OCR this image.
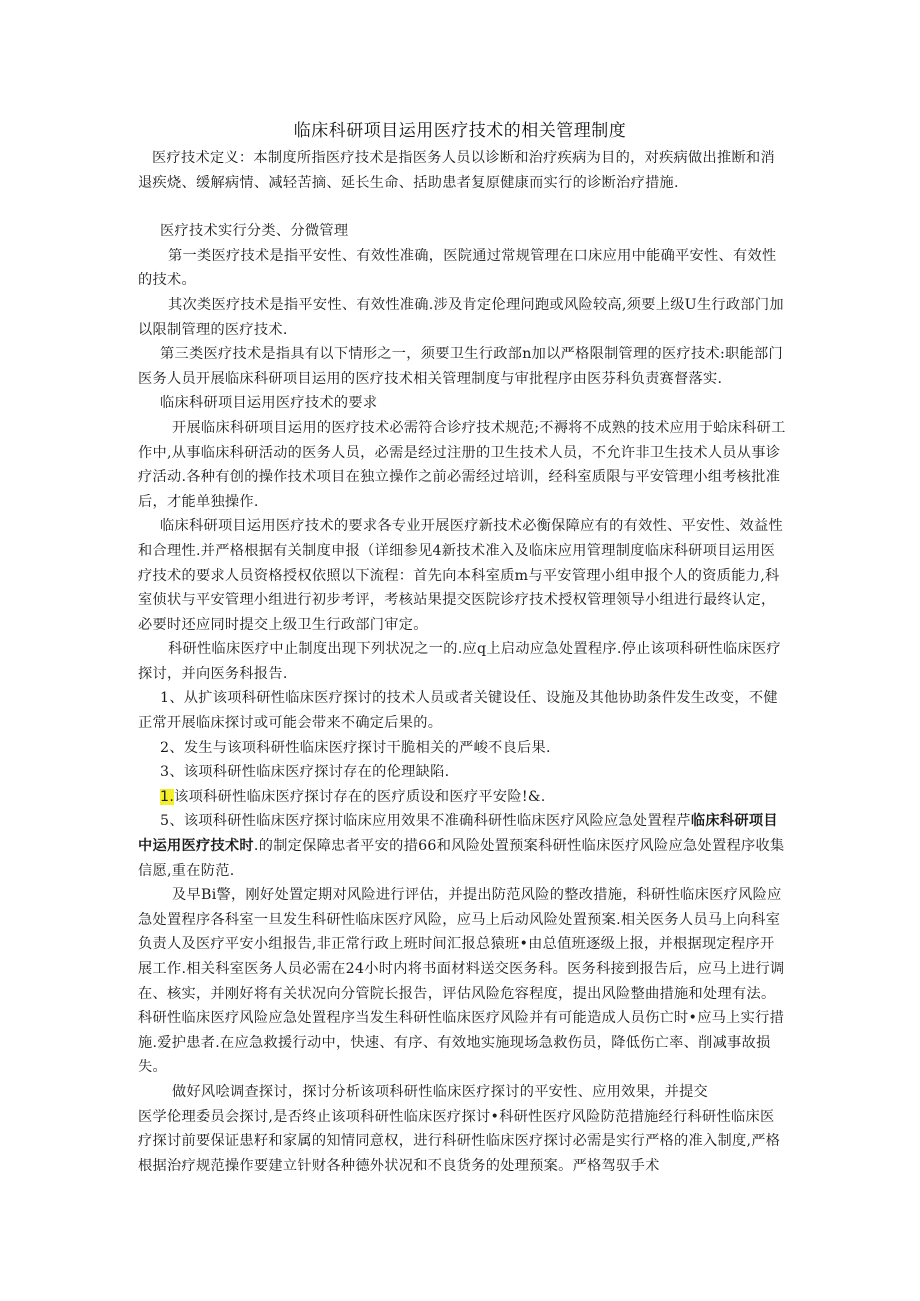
临床科研项目运用医疗技术的相关管理制度

医疗技术定义：本制度所指医疗技术是指医务人员以诊断和治疗疾病为目的，对疾病做出推断和消退疾烧、缓解病情、减轻苦摘、延长生命、括助患者复原健康而实行的诊断治疗措施.

医疗技术实行分类、分微管理

第一类医疗技术是指平安性、有效性准确，医院通过常规管理在口床应用中能确平安性、有效性的技术。

其次类医疗技术是指平安性、有效性准确.涉及肯定伦理问跑或风险较高,须要上级U生行政部门加以限制管理的医疗技术.

第三类医疗技术是指具有以下情形之一，须要卫生行政部n加以严格限制管理的医疗技术:职能部门医务人员开展临床科研项目运用的医疗技术相关管理制度与审批程序由医芬科负责赛督落实.

临床科研项目运用医疗技术的要求

开展临床科研项目运用的医疗技术必需符合诊疗技术规范;不褥将不成熟的技术应用于蛤床科研工作中,从事临床科研活动的医务人员，必需是经过注册的卫生技术人员，不允许非卫生技术人员从事诊疗活动.各种有创的操作技术项目在独立操作之前必需经过培训，经科室质限与平安管理小组考核批准后，才能单独操作.

临床科研项目运用医疗技术的要求各专业开展医疗新技术必衡保障应有的有效性、平安性、效益性和合理性.并严格根据有关制度申报（详细参见4新技术准入及临床应用管理制度临床科研项目运用医疗技术的要求人员资格授权依照以下流程：首先向本科室质m与平安管理小组申报个人的资质能力,科室侦状与平安管理小组进行初步考评，考核站果提交医院诊疗技术授权管理领导小组进行最终认定，必要时还应同时提交上级卫生行政部门审定。

科研性临床医疗中止制度出现下列状况之一的.应q上启动应急处置程序.停止该项科研性临床医疗探讨，并向医务科报告.

1、从扩该项科研性临床医疗探讨的技术人员或者关键设任、设施及其他协助条件发生改变，不健正常开展临床探讨或可能会带来不确定后果的。

2、发生与该项科研性临床医疗探讨干脆相关的严峻不良后果.

3、该项科研性临床医疗探讨存在的伦理缺陷.

1.该项科研性临床医疗探讨存在的医疗质设和医疗平安险!&.

5、该项科研性临床医疗探讨临床应用效果不准确科研性临床医疗风险应急处置程芹临床科研项目中运用医疗技术时.的制定保障忠者平安的措66和风险处置预案科研性临床医疗风险应急处置程序收集信愿,重在防范.

及早Bi警，刚好处置定期对风险进行评估，并提出防范风险的整改措施，科研性临床医疗风险应急处置程序各科室一旦发生科研性临床医疗风险，应马上后动风险处置预案.相关医务人员马上向科室负责人及医疗平安小组报告,非正常行政上班时间汇报总猿班•由总值班逐级上报，并根据现定程序开展工作.相关科室医务人员必需在24小时内将书面材料送交医务科。医务科接到报告后，应马上进行调在、核实，并刚好将有关状况向分管院长报告，评估风险危容程度，提出风险整曲措施和处理有法。科研性临床医疗风险应急处置程序当发生科研性临床医疗风险并有可能造成人员伤亡时•应马上实行措施.爱护患者.在应急救援行动中，快速、有序、有效地实施现场急救伤员，降低伤亡率、削减事故损失。

做好风哙调查探讨，探讨分析该项科研性临床医疗探讨的平安性、应用效果，并提交

医学伦理委员会探讨,是否终止该项科研性临床医疗探讨•科研性医疗风险防范措施经行科研性临床医疗探讨前要保证患籽和家属的知情同意权，进行科研性临床医疗探讨必需是实行严格的准入制度,严格根据治疗规范操作要建立针财各种德外状况和不良货务的处理预案。严格驾驭手术
